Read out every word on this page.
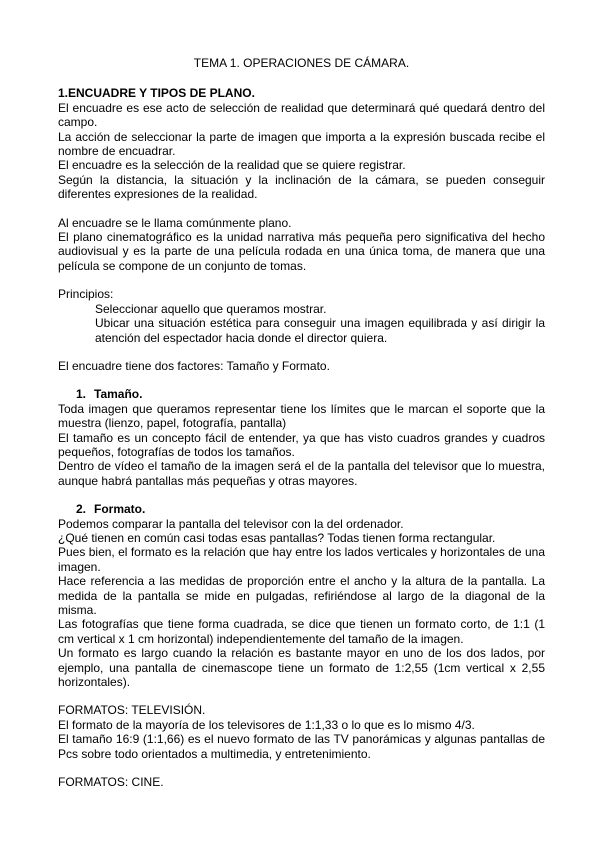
TEMA 1. OPERACIONES DE CÁMARA.

1.ENCUADRE Y TIPOS DE PLANO.

El encuadre es ese acto de selección de realidad que determinará qué quedará dentro del campo.

La acción de seleccionar la parte de imagen que importa a la expresión buscada recibe el nombre de encuadrar.

El encuadre es la selección de la realidad que se quiere registrar.

Según la distancia, la situación y la inclinación de la cámara, se pueden conseguir diferentes expresiones de la realidad.

Al encuadre se le llama comúnmente plano.

El plano cinematográfico es la unidad narrativa más pequeña pero significativa del hecho audiovisual y es la parte de una película rodada en una única toma, de manera que una película se compone de un conjunto de tomas.

Principios:

Seleccionar aquello que queramos mostrar.

Ubicar una situación estética para conseguir una imagen equilibrada y así dirigir la atención del espectador hacia donde el director quiera.

El encuadre tiene dos factores: Tamaño y Formato.

1. Tamaño.

Toda imagen que queramos representar tiene los límites que le marcan el soporte que la muestra (lienzo, papel, fotografía, pantalla)

El tamaño es un concepto fácil de entender, ya que has visto cuadros grandes y cuadros pequeños, fotografías de todos los tamaños.

Dentro de vídeo el tamaño de la imagen será el de la pantalla del televisor que lo muestra, aunque habrá pantallas más pequeñas y otras mayores.

2. Formato.

Podemos comparar la pantalla del televisor con la del ordenador.

¿Qué tienen en común casi todas esas pantallas? Todas tienen forma rectangular.

Pues bien, el formato es la relación que hay entre los lados verticales y horizontales de una imagen.

Hace referencia a las medidas de proporción entre el ancho y la altura de la pantalla. La medida de la pantalla se mide en pulgadas, refiriéndose al largo de la diagonal de la misma.

Las fotografías que tiene forma cuadrada, se dice que tienen un formato corto, de 1:1 (1 cm vertical x 1 cm horizontal) independientemente del tamaño de la imagen.

Un formato es largo cuando la relación es bastante mayor en uno de los dos lados, por ejemplo, una pantalla de cinemascope tiene un formato de 1:2,55 (1cm vertical x 2,55 horizontales).

FORMATOS: TELEVISIÓN.

El formato de la mayoría de los televisores de 1:1,33 o lo que es lo mismo 4/3.

El tamaño 16:9 (1:1,66) es el nuevo formato de las TV panorámicas y algunas pantallas de Pcs sobre todo orientados a multimedia, y entretenimiento.

FORMATOS: CINE.
